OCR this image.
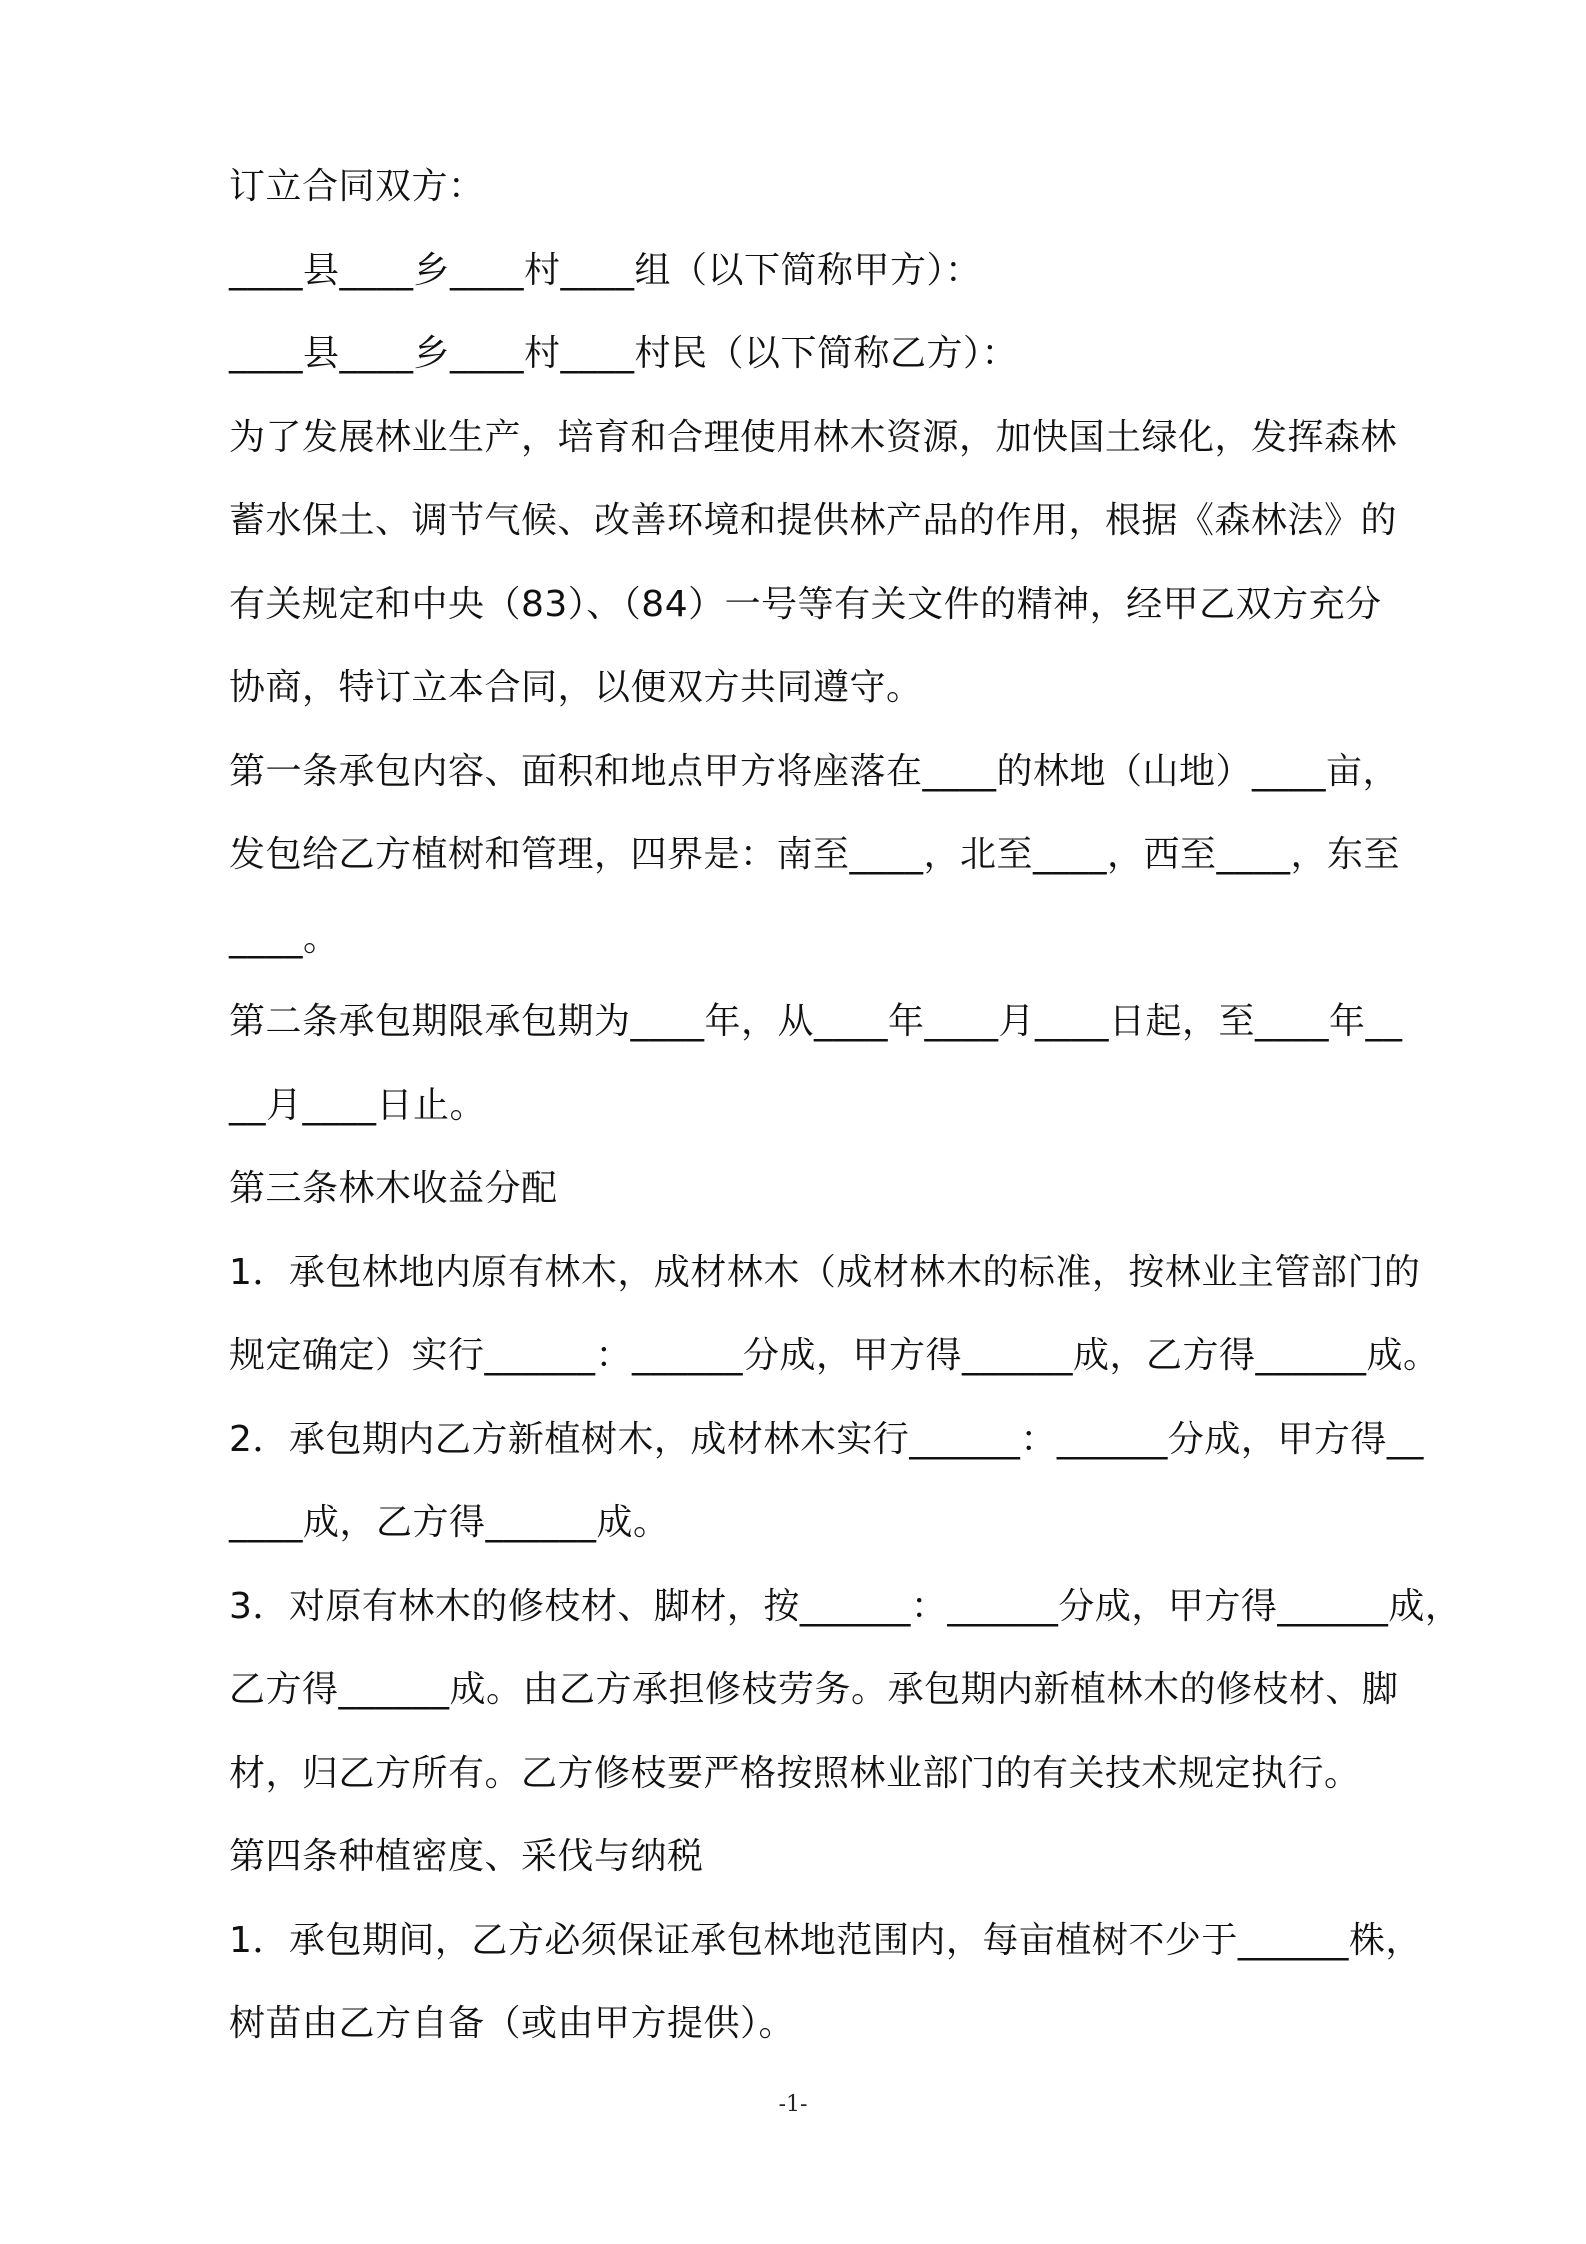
订立合同双方：
____县____乡____村____组（以下简称甲方）：
____县____乡____村____村民（以下简称乙方）：
为了发展林业生产，培育和合理使用林木资源，加快国土绿化，发挥森林
蓄水保土、调节气候、改善环境和提供林产品的作用，根据《森林法》的
有关规定和中央（83）、（84）一号等有关文件的精神，经甲乙双方充分
协商，特订立本合同，以便双方共同遵守。
第一条承包内容、面积和地点甲方将座落在____的林地（山地）____亩，
发包给乙方植树和管理，四界是：南至____，北至____，西至____，东至
____。
第二条承包期限承包期为____年，从____年____月____日起，至____年__
__月____日止。
第三条林木收益分配
1．承包林地内原有林木，成材林木（成材林木的标准，按林业主管部门的
规定确定）实行______：______分成，甲方得______成，乙方得______成。
2．承包期内乙方新植树木，成材林木实行______：______分成，甲方得__
____成，乙方得______成。
3．对原有林木的修枝材、脚材，按______：______分成，甲方得______成，
乙方得______成。由乙方承担修枝劳务。承包期内新植林木的修枝材、脚
材，归乙方所有。乙方修枝要严格按照林业部门的有关技术规定执行。
第四条种植密度、采伐与纳税
1．承包期间，乙方必须保证承包林地范围内，每亩植树不少于______株，
树苗由乙方自备（或由甲方提供）。
-1-
